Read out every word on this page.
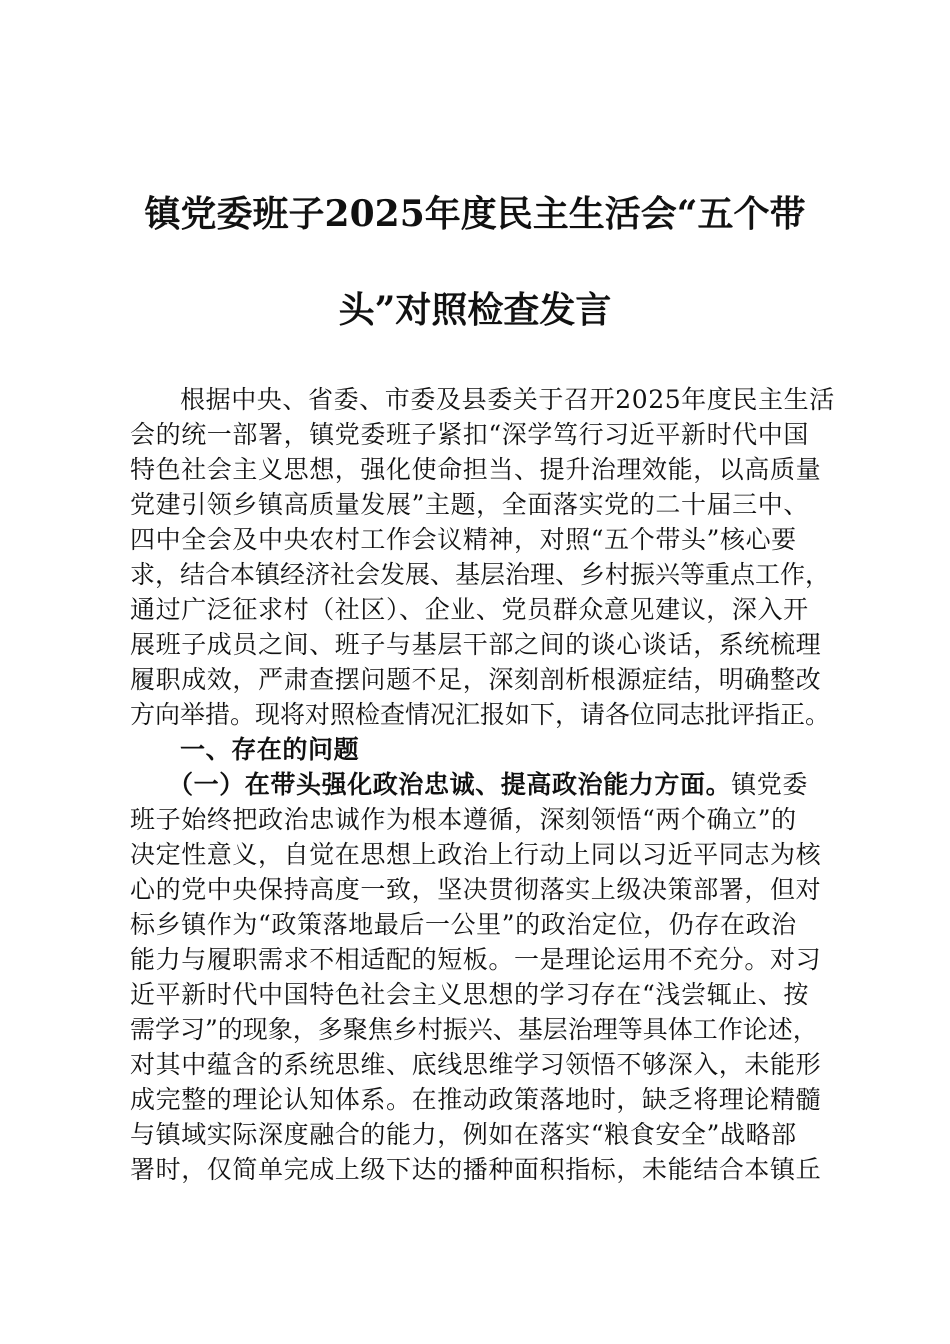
镇党委班子2025年度民主生活会“五个带
头”对照检查发言
根据中央、省委、市委及县委关于召开2025年度民主生活
会的统一部署，镇党委班子紧扣“深学笃行习近平新时代中国
特色社会主义思想，强化使命担当、提升治理效能，以高质量
党建引领乡镇高质量发展”主题，全面落实党的二十届三中、
四中全会及中央农村工作会议精神，对照“五个带头”核心要
求，结合本镇经济社会发展、基层治理、乡村振兴等重点工作，
通过广泛征求村（社区）、企业、党员群众意见建议，深入开
展班子成员之间、班子与基层干部之间的谈心谈话，系统梳理
履职成效，严肃查摆问题不足，深刻剖析根源症结，明确整改
方向举措。现将对照检查情况汇报如下，请各位同志批评指正。
一、存在的问题
（一）在带头强化政治忠诚、提高政治能力方面。镇党委
班子始终把政治忠诚作为根本遵循，深刻领悟“两个确立”的
决定性意义，自觉在思想上政治上行动上同以习近平同志为核
心的党中央保持高度一致，坚决贯彻落实上级决策部署，但对
标乡镇作为“政策落地最后一公里”的政治定位，仍存在政治
能力与履职需求不相适配的短板。一是理论运用不充分。对习
近平新时代中国特色社会主义思想的学习存在“浅尝辄止、按
需学习”的现象，多聚焦乡村振兴、基层治理等具体工作论述，
对其中蕴含的系统思维、底线思维学习领悟不够深入，未能形
成完整的理论认知体系。在推动政策落地时，缺乏将理论精髓
与镇域实际深度融合的能力，例如在落实“粮食安全”战略部
署时，仅简单完成上级下达的播种面积指标，未能结合本镇丘
